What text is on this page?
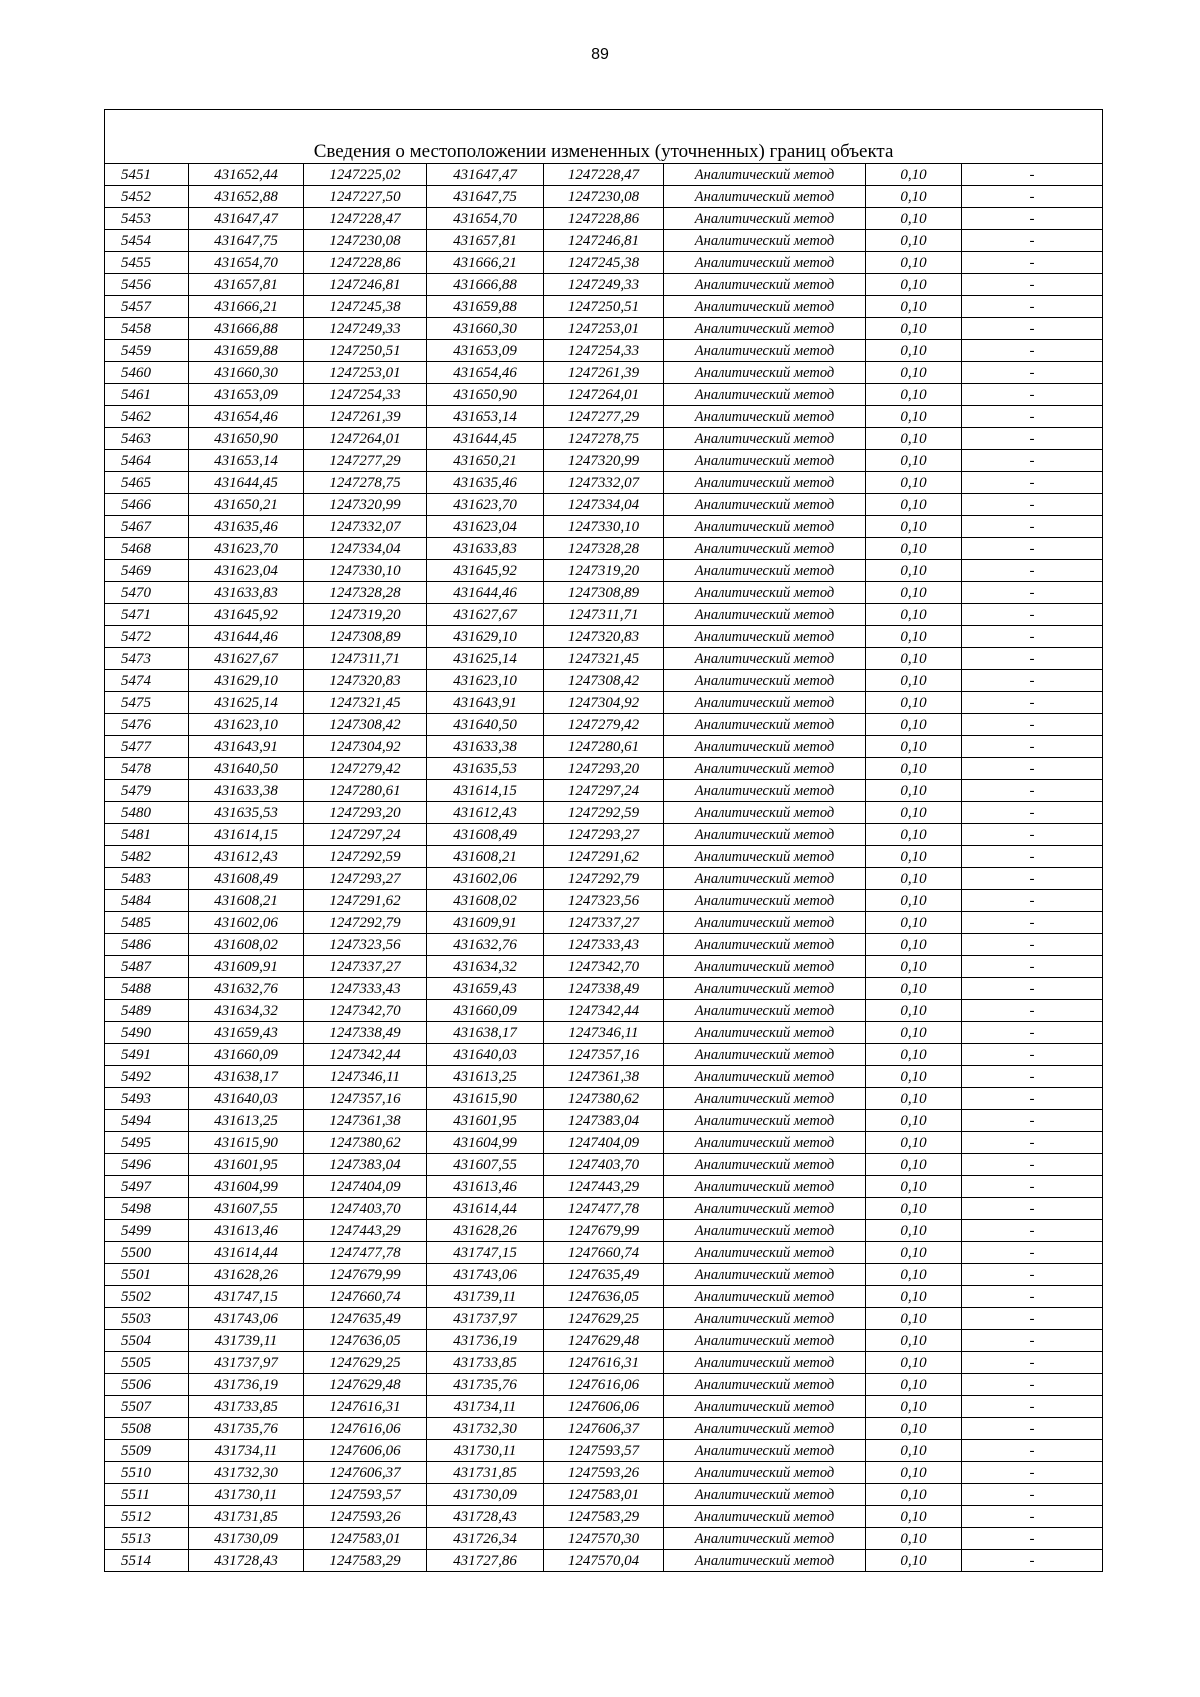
89
Сведения о местоположении измененных (уточненных) границ объекта							
5451	431652,44	1247225,02	431647,47	1247228,47	Аналитический метод	0,10	-
5452	431652,88	1247227,50	431647,75	1247230,08	Аналитический метод	0,10	-
5453	431647,47	1247228,47	431654,70	1247228,86	Аналитический метод	0,10	-
5454	431647,75	1247230,08	431657,81	1247246,81	Аналитический метод	0,10	-
5455	431654,70	1247228,86	431666,21	1247245,38	Аналитический метод	0,10	-
5456	431657,81	1247246,81	431666,88	1247249,33	Аналитический метод	0,10	-
5457	431666,21	1247245,38	431659,88	1247250,51	Аналитический метод	0,10	-
5458	431666,88	1247249,33	431660,30	1247253,01	Аналитический метод	0,10	-
5459	431659,88	1247250,51	431653,09	1247254,33	Аналитический метод	0,10	-
5460	431660,30	1247253,01	431654,46	1247261,39	Аналитический метод	0,10	-
5461	431653,09	1247254,33	431650,90	1247264,01	Аналитический метод	0,10	-
5462	431654,46	1247261,39	431653,14	1247277,29	Аналитический метод	0,10	-
5463	431650,90	1247264,01	431644,45	1247278,75	Аналитический метод	0,10	-
5464	431653,14	1247277,29	431650,21	1247320,99	Аналитический метод	0,10	-
5465	431644,45	1247278,75	431635,46	1247332,07	Аналитический метод	0,10	-
5466	431650,21	1247320,99	431623,70	1247334,04	Аналитический метод	0,10	-
5467	431635,46	1247332,07	431623,04	1247330,10	Аналитический метод	0,10	-
5468	431623,70	1247334,04	431633,83	1247328,28	Аналитический метод	0,10	-
5469	431623,04	1247330,10	431645,92	1247319,20	Аналитический метод	0,10	-
5470	431633,83	1247328,28	431644,46	1247308,89	Аналитический метод	0,10	-
5471	431645,92	1247319,20	431627,67	1247311,71	Аналитический метод	0,10	-
5472	431644,46	1247308,89	431629,10	1247320,83	Аналитический метод	0,10	-
5473	431627,67	1247311,71	431625,14	1247321,45	Аналитический метод	0,10	-
5474	431629,10	1247320,83	431623,10	1247308,42	Аналитический метод	0,10	-
5475	431625,14	1247321,45	431643,91	1247304,92	Аналитический метод	0,10	-
5476	431623,10	1247308,42	431640,50	1247279,42	Аналитический метод	0,10	-
5477	431643,91	1247304,92	431633,38	1247280,61	Аналитический метод	0,10	-
5478	431640,50	1247279,42	431635,53	1247293,20	Аналитический метод	0,10	-
5479	431633,38	1247280,61	431614,15	1247297,24	Аналитический метод	0,10	-
5480	431635,53	1247293,20	431612,43	1247292,59	Аналитический метод	0,10	-
5481	431614,15	1247297,24	431608,49	1247293,27	Аналитический метод	0,10	-
5482	431612,43	1247292,59	431608,21	1247291,62	Аналитический метод	0,10	-
5483	431608,49	1247293,27	431602,06	1247292,79	Аналитический метод	0,10	-
5484	431608,21	1247291,62	431608,02	1247323,56	Аналитический метод	0,10	-
5485	431602,06	1247292,79	431609,91	1247337,27	Аналитический метод	0,10	-
5486	431608,02	1247323,56	431632,76	1247333,43	Аналитический метод	0,10	-
5487	431609,91	1247337,27	431634,32	1247342,70	Аналитический метод	0,10	-
5488	431632,76	1247333,43	431659,43	1247338,49	Аналитический метод	0,10	-
5489	431634,32	1247342,70	431660,09	1247342,44	Аналитический метод	0,10	-
5490	431659,43	1247338,49	431638,17	1247346,11	Аналитический метод	0,10	-
5491	431660,09	1247342,44	431640,03	1247357,16	Аналитический метод	0,10	-
5492	431638,17	1247346,11	431613,25	1247361,38	Аналитический метод	0,10	-
5493	431640,03	1247357,16	431615,90	1247380,62	Аналитический метод	0,10	-
5494	431613,25	1247361,38	431601,95	1247383,04	Аналитический метод	0,10	-
5495	431615,90	1247380,62	431604,99	1247404,09	Аналитический метод	0,10	-
5496	431601,95	1247383,04	431607,55	1247403,70	Аналитический метод	0,10	-
5497	431604,99	1247404,09	431613,46	1247443,29	Аналитический метод	0,10	-
5498	431607,55	1247403,70	431614,44	1247477,78	Аналитический метод	0,10	-
5499	431613,46	1247443,29	431628,26	1247679,99	Аналитический метод	0,10	-
5500	431614,44	1247477,78	431747,15	1247660,74	Аналитический метод	0,10	-
5501	431628,26	1247679,99	431743,06	1247635,49	Аналитический метод	0,10	-
5502	431747,15	1247660,74	431739,11	1247636,05	Аналитический метод	0,10	-
5503	431743,06	1247635,49	431737,97	1247629,25	Аналитический метод	0,10	-
5504	431739,11	1247636,05	431736,19	1247629,48	Аналитический метод	0,10	-
5505	431737,97	1247629,25	431733,85	1247616,31	Аналитический метод	0,10	-
5506	431736,19	1247629,48	431735,76	1247616,06	Аналитический метод	0,10	-
5507	431733,85	1247616,31	431734,11	1247606,06	Аналитический метод	0,10	-
5508	431735,76	1247616,06	431732,30	1247606,37	Аналитический метод	0,10	-
5509	431734,11	1247606,06	431730,11	1247593,57	Аналитический метод	0,10	-
5510	431732,30	1247606,37	431731,85	1247593,26	Аналитический метод	0,10	-
5511	431730,11	1247593,57	431730,09	1247583,01	Аналитический метод	0,10	-
5512	431731,85	1247593,26	431728,43	1247583,29	Аналитический метод	0,10	-
5513	431730,09	1247583,01	431726,34	1247570,30	Аналитический метод	0,10	-
5514	431728,43	1247583,29	431727,86	1247570,04	Аналитический метод	0,10	-
